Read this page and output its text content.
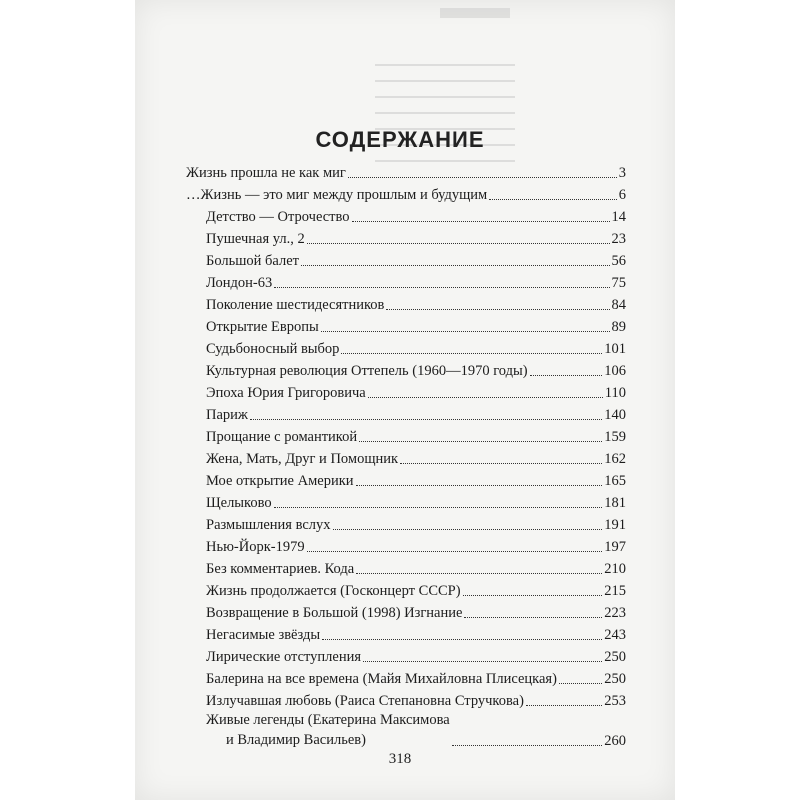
СОДЕРЖАНИЕ
Жизнь прошла не как миг	3
…Жизнь — это миг между прошлым и будущим	6
Детство — Отрочество	14
Пушечная ул., 2	23
Большой балет	56
Лондон-63	75
Поколение шестидесятников	84
Открытие Европы	89
Судьбоносный выбор	101
Культурная революция Оттепель (1960—1970 годы)	106
Эпоха Юрия Григоровича	110
Париж	140
Прощание с романтикой	159
Жена, Мать, Друг и Помощник	162
Мое открытие Америки	165
Щелыково	181
Размышления вслух	191
Нью-Йорк-1979	197
Без комментариев. Кода	210
Жизнь продолжается (Госконцерт СССР)	215
Возвращение в Большой (1998) Изгнание	223
Негасимые звёзды	243
Лирические отступления	250
Балерина на все времена (Майя Михайловна Плисецкая)	250
Излучавшая любовь (Раиса Степановна Стручкова)	253
Живые легенды (Екатерина Максимова
и Владимир Васильев)	260
318
